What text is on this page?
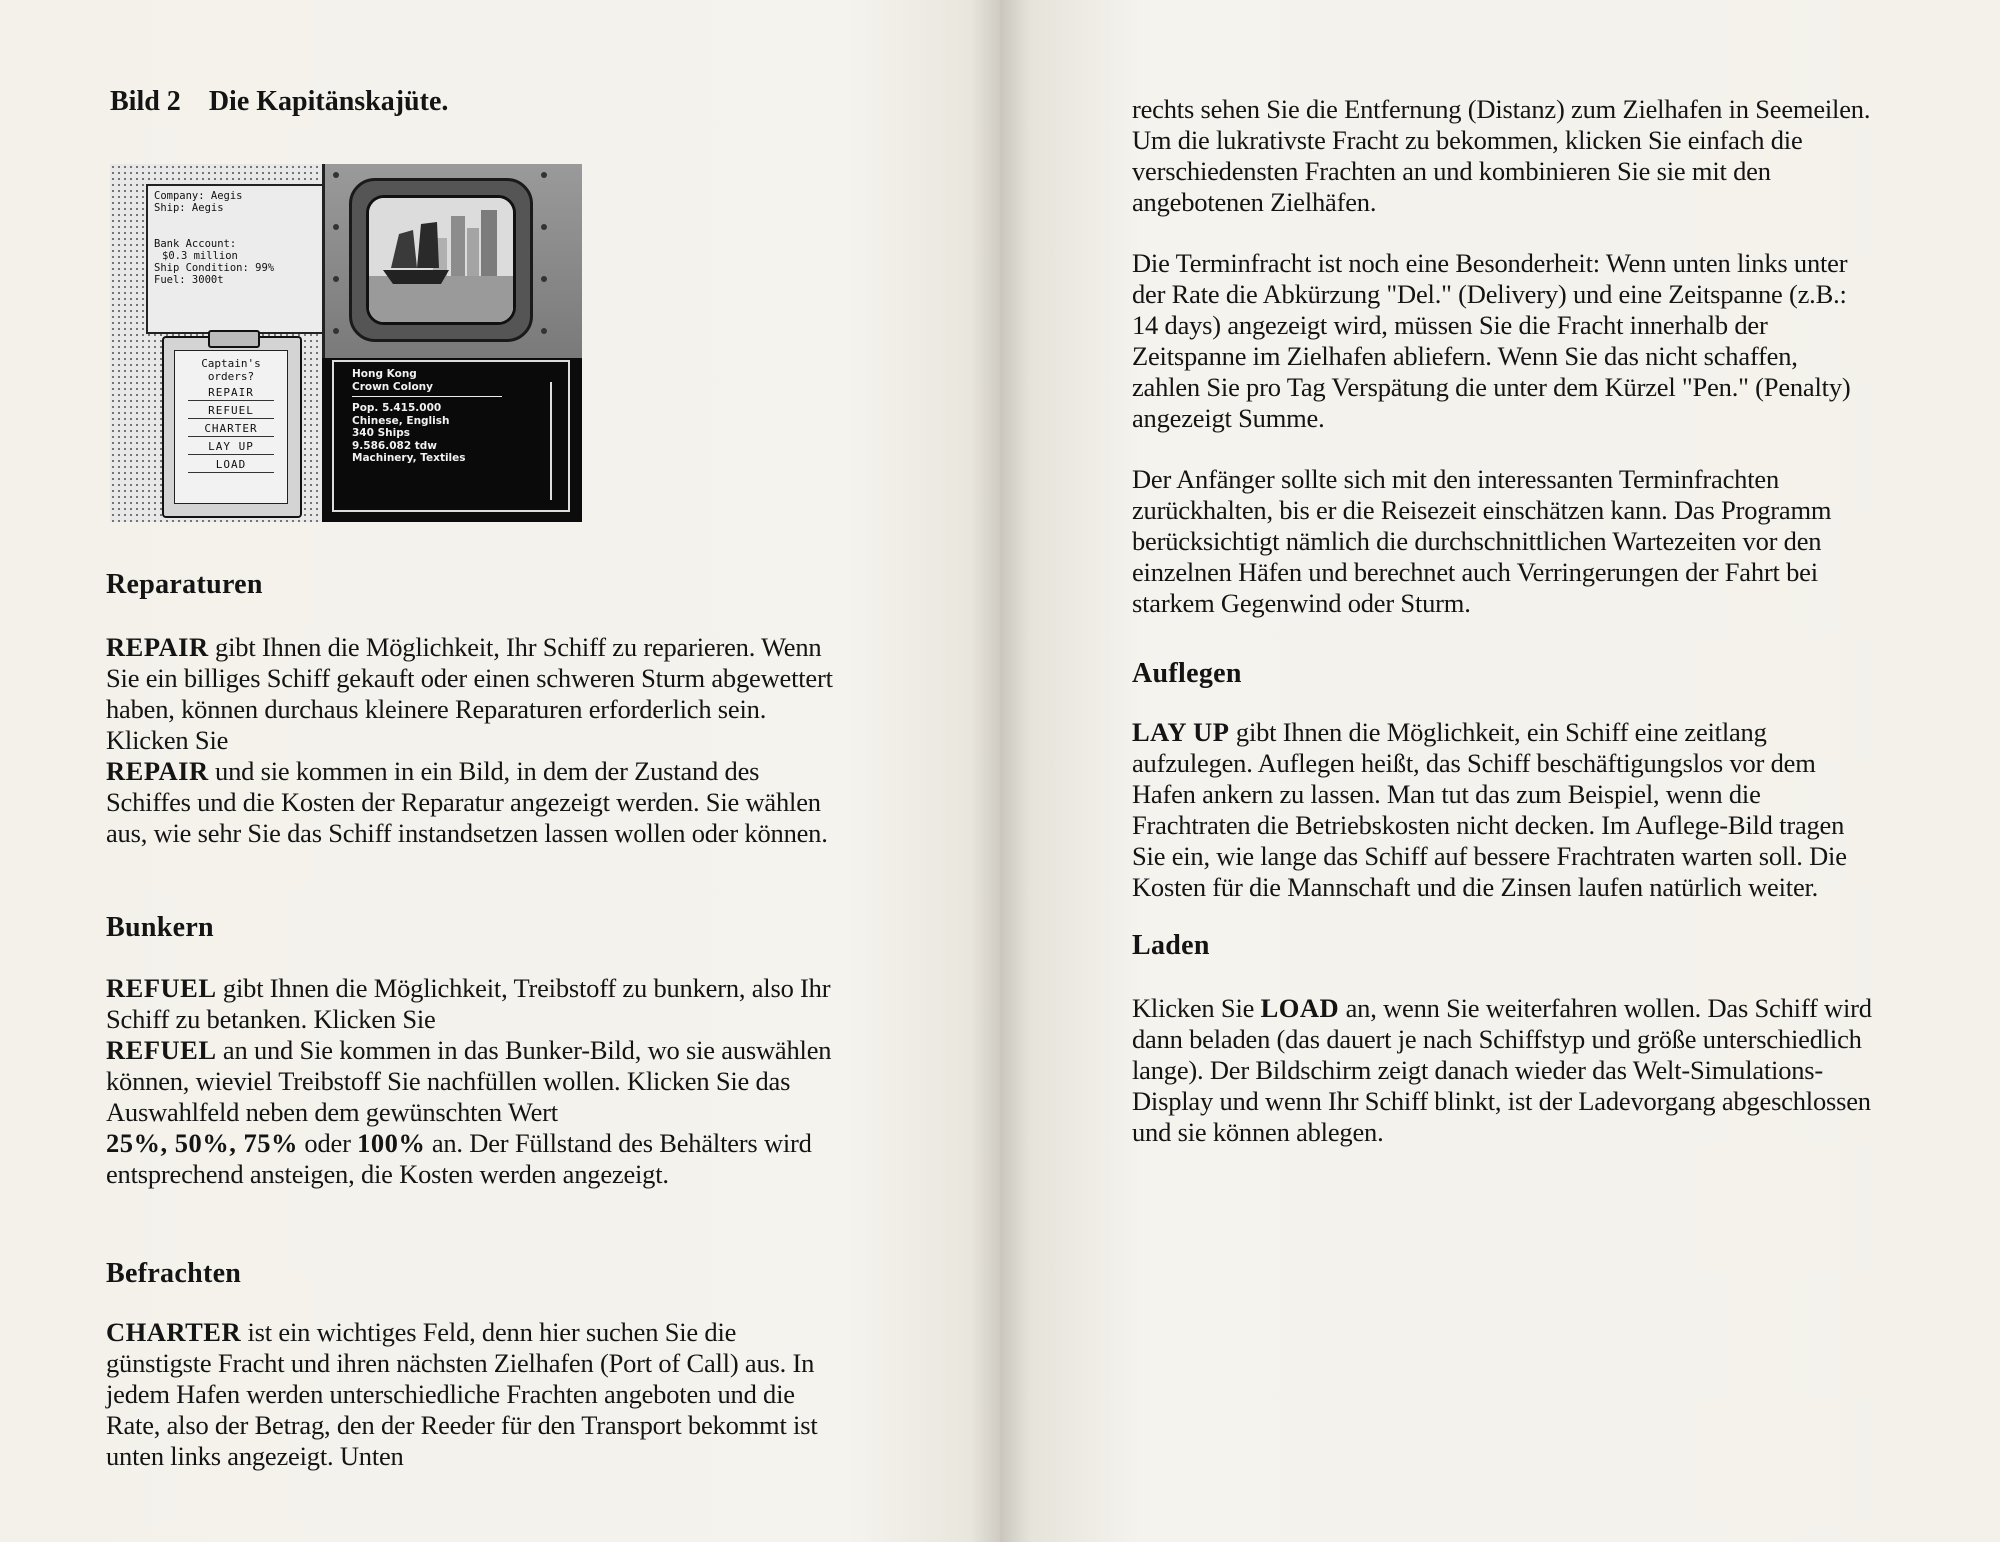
Bild 2 Die Kapitänskajüte.
Company: Aegis
Ship: Aegis
Bank Account:
$0.3 million
Ship Condition: 99%
Fuel: 3000t
Captain's
orders?
REPAIR
REFUEL
CHARTER
LAY UP
LOAD
Hong Kong
Crown Colony
Pop. 5.415.000
Chinese, English
340 Ships
9.586.082 tdw
Machinery, Textiles
Reparaturen

REPAIR gibt Ihnen die Möglichkeit, Ihr Schiff zu reparieren. Wenn Sie ein billiges Schiff gekauft oder einen schweren Sturm abgewettert haben, können durchaus kleinere Reparaturen erforderlich sein. Klicken Sie
REPAIR und sie kommen in ein Bild, in dem der Zustand des Schiffes und die Kosten der Reparatur angezeigt werden. Sie wählen aus, wie sehr Sie das Schiff instandsetzen lassen wollen oder können.

Bunkern

REFUEL gibt Ihnen die Möglichkeit, Treibstoff zu bunkern, also Ihr Schiff zu betanken. Klicken Sie
REFUEL an und Sie kommen in das Bunker-Bild, wo sie auswählen können, wieviel Treibstoff Sie nachfüllen wollen. Klicken Sie das Auswahlfeld neben dem gewünschten Wert
25%, 50%, 75% oder 100% an. Der Füllstand des Behälters wird entsprechend ansteigen, die Kosten werden angezeigt.

Befrachten

CHARTER ist ein wichtiges Feld, denn hier suchen Sie die günstigste Fracht und ihren nächsten Zielhafen (Port of Call) aus. In jedem Hafen werden unterschiedliche Frachten angeboten und die Rate, also der Betrag, den der Reeder für den Transport bekommt ist unten links angezeigt. Unten

rechts sehen Sie die Entfernung (Distanz) zum Zielhafen in Seemeilen. Um die lukrativste Fracht zu bekommen, klicken Sie einfach die verschiedensten Frachten an und kombinieren Sie sie mit den angebotenen Zielhäfen.

Die Terminfracht ist noch eine Besonderheit: Wenn unten links unter der Rate die Abkürzung "Del." (Delivery) und eine Zeitspanne (z.B.: 14 days) angezeigt wird, müssen Sie die Fracht innerhalb der Zeitspanne im Zielhafen abliefern. Wenn Sie das nicht schaffen, zahlen Sie pro Tag Verspätung die unter dem Kürzel "Pen." (Penalty) angezeigt Summe.

Der Anfänger sollte sich mit den interessanten Terminfrachten zurückhalten, bis er die Reisezeit einschätzen kann. Das Programm berücksichtigt nämlich die durchschnittlichen Wartezeiten vor den einzelnen Häfen und berechnet auch Verringerungen der Fahrt bei starkem Gegenwind oder Sturm.

Auflegen

LAY UP gibt Ihnen die Möglichkeit, ein Schiff eine zeitlang aufzulegen. Auflegen heißt, das Schiff beschäftigungslos vor dem Hafen ankern zu lassen. Man tut das zum Beispiel, wenn die Frachtraten die Betriebskosten nicht decken. Im Auflege-Bild tragen Sie ein, wie lange das Schiff auf bessere Frachtraten warten soll. Die Kosten für die Mannschaft und die Zinsen laufen natürlich weiter.

Laden

Klicken Sie LOAD an, wenn Sie weiterfahren wollen. Das Schiff wird dann beladen (das dauert je nach Schiffstyp und größe unterschiedlich lange). Der Bildschirm zeigt danach wieder das Welt-Simulations-Display und wenn Ihr Schiff blinkt, ist der Ladevorgang abgeschlossen und sie können ablegen.
